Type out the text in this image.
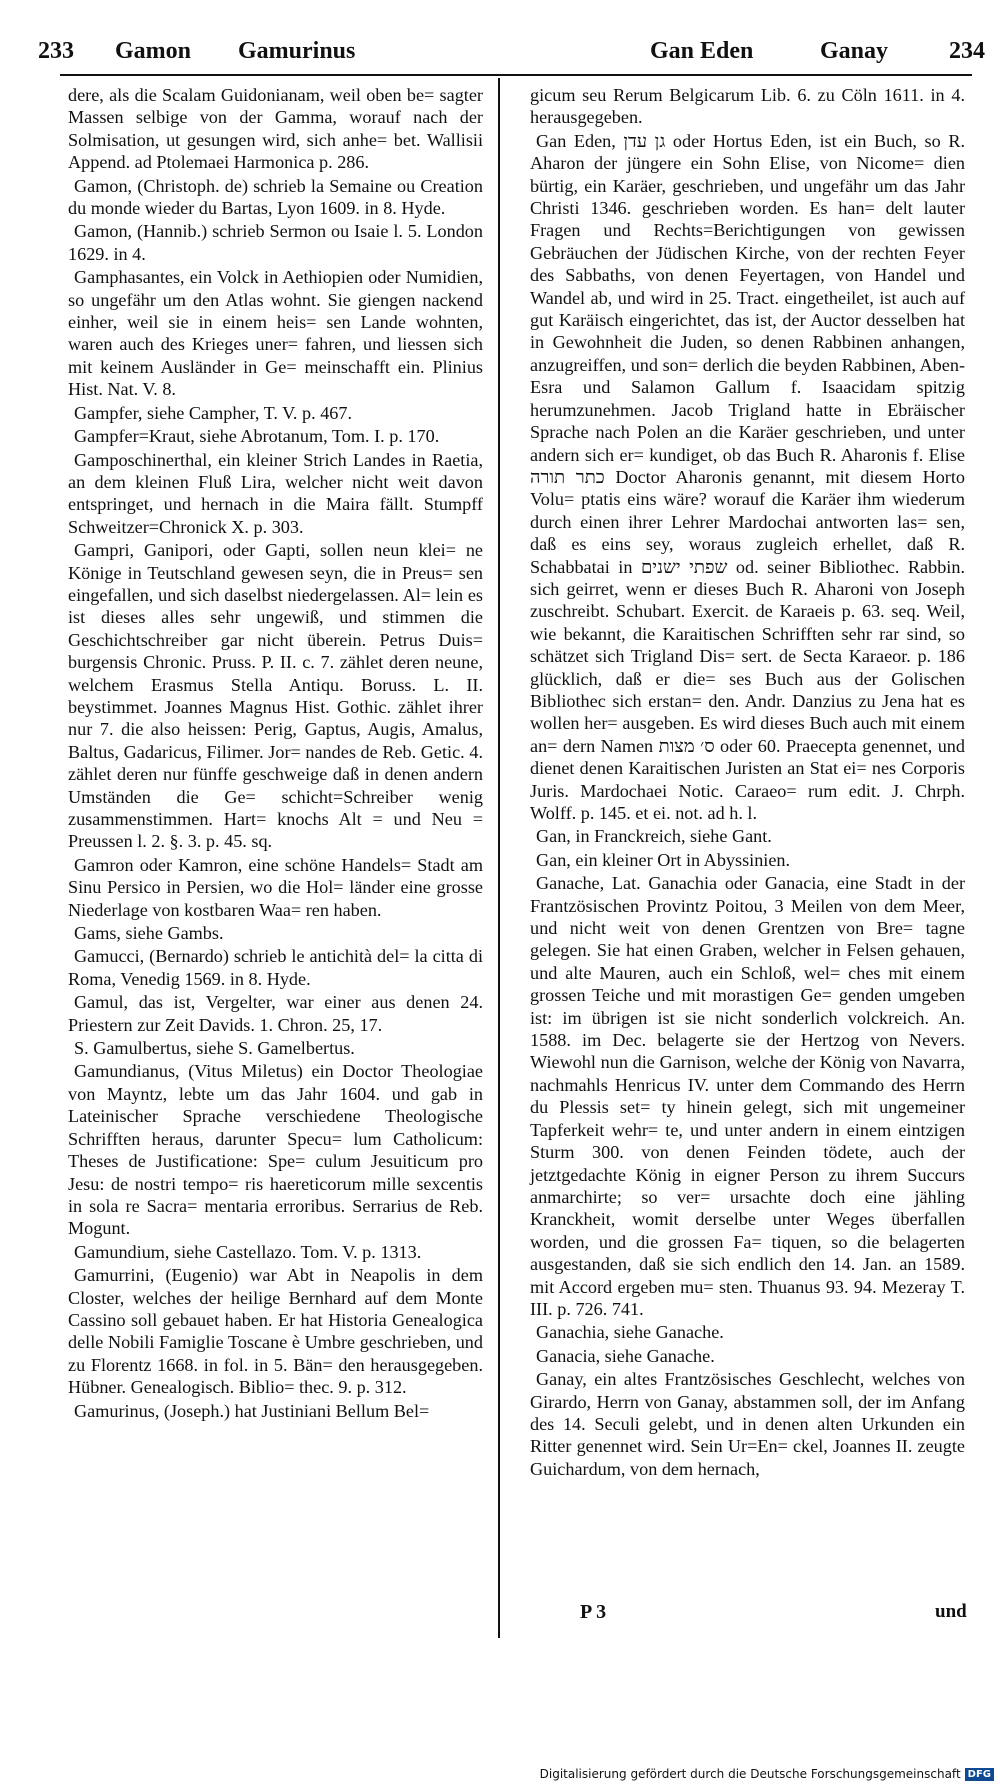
233 Gamon Gamurinus	Gan Eden	Ganay	234

dere, als die Scalam Guidonianam, weil oben be= sagter Massen selbige von der Gamma, worauf nach der Solmisation, ut gesungen wird, sich anhe= bet. Wallisii Append. ad Ptolemaei Harmonica p. 286.

Gamon, (Christoph. de) schrieb la Semaine ou Creation du monde wieder du Bartas, Lyon 1609. in 8. Hyde.

Gamon, (Hannib.) schrieb Sermon ou Isaie l. 5. London 1629. in 4.

Gamphasantes, ein Volck in Aethiopien oder Numidien, so ungefähr um den Atlas wohnt. Sie giengen nackend einher, weil sie in einem heis= sen Lande wohnten, waren auch des Krieges uner= fahren, und liessen sich mit keinem Ausländer in Ge= meinschafft ein. Plinius Hist. Nat. V. 8.

Gampfer, siehe Campher, T. V. p. 467.

Gampfer=Kraut, siehe Abrotanum, Tom. I. p. 170.

Gamposchinerthal, ein kleiner Strich Landes in Raetia, an dem kleinen Fluß Lira, welcher nicht weit davon entspringet, und hernach in die Maira fällt. Stumpff Schweitzer=Chronick X. p. 303.

Gampri, Ganipori, oder Gapti, sollen neun klei= ne Könige in Teutschland gewesen seyn, die in Preus= sen eingefallen, und sich daselbst niedergelassen. Al= lein es ist dieses alles sehr ungewiß, und stimmen die Geschichtschreiber gar nicht überein. Petrus Duis= burgensis Chronic. Pruss. P. II. c. 7. zählet deren neune, welchem Erasmus Stella Antiqu. Boruss. L. II. beystimmet. Joannes Magnus Hist. Gothic. zählet ihrer nur 7. die also heissen: Perig, Gaptus, Augis, Amalus, Baltus, Gadaricus, Filimer. Jor= nandes de Reb. Getic. 4. zählet deren nur fünffe geschweige daß in denen andern Umständen die Ge= schicht=Schreiber wenig zusammenstimmen. Hart= knochs Alt = und Neu = Preussen l. 2. §. 3. p. 45. sq.

Gamron oder Kamron, eine schöne Handels= Stadt am Sinu Persico in Persien, wo die Hol= länder eine grosse Niederlage von kostbaren Waa= ren haben.

Gams, siehe Gambs.

Gamucci, (Bernardo) schrieb le antichità del= la citta di Roma, Venedig 1569. in 8. Hyde.

Gamul, das ist, Vergelter, war einer aus denen 24. Priestern zur Zeit Davids. 1. Chron. 25, 17.

S. Gamulbertus, siehe S. Gamelbertus.

Gamundianus, (Vitus Miletus) ein Doctor Theologiae von Mayntz, lebte um das Jahr 1604. und gab in Lateinischer Sprache verschiedene Theologische Schrifften heraus, darunter Specu= lum Catholicum: Theses de Justificatione: Spe= culum Jesuiticum pro Jesu: de nostri tempo= ris haereticorum mille sexcentis in sola re Sacra= mentaria erroribus. Serrarius de Reb. Mogunt.

Gamundium, siehe Castellazo. Tom. V. p. 1313.

Gamurrini, (Eugenio) war Abt in Neapolis in dem Closter, welches der heilige Bernhard auf dem Monte Cassino soll gebauet haben. Er hat Historia Genealogica delle Nobili Famiglie Toscane è Umbre geschrieben, und zu Florentz 1668. in fol. in 5. Bän= den herausgegeben. Hübner. Genealogisch. Biblio= thec. 9. p. 312.

Gamurinus, (Joseph.) hat Justiniani Bellum Bel=

gicum seu Rerum Belgicarum Lib. 6. zu Cöln 1611. in 4. herausgegeben.

Gan Eden, גן עדן oder Hortus Eden, ist ein Buch, so R. Aharon der jüngere ein Sohn Elise, von Nicome= dien bürtig, ein Karäer, geschrieben, und ungefähr um das Jahr Christi 1346. geschrieben worden. Es han= delt lauter Fragen und Rechts=Berichtigungen von gewissen Gebräuchen der Jüdischen Kirche, von der rechten Feyer des Sabbaths, von denen Feyertagen, von Handel und Wandel ab, und wird in 25. Tract. eingetheilet, ist auch auf gut Karäisch eingerichtet, das ist, der Auctor desselben hat in Gewohnheit die Juden, so denen Rabbinen anhangen, anzugreiffen, und son= derlich die beyden Rabbinen, Aben-Esra und Salamon Gallum f. Isaacidam spitzig herumzunehmen. Jacob Trigland hatte in Ebräischer Sprache nach Polen an die Karäer geschrieben, und unter andern sich er= kundiget, ob das Buch R. Aharonis f. Elise כתר תורה Doctor Aharonis genannt, mit diesem Horto Volu= ptatis eins wäre? worauf die Karäer ihm wiederum durch einen ihrer Lehrer Mardochai antworten las= sen, daß es eins sey, woraus zugleich erhellet, daß R. Schabbatai in שפתי ישנים od. seiner Bibliothec. Rabbin. sich geirret, wenn er dieses Buch R. Aharoni von Joseph zuschreibt. Schubart. Exercit. de Karaeis p. 63. seq. Weil, wie bekannt, die Karaitischen Schrifften sehr rar sind, so schätzet sich Trigland Dis= sert. de Secta Karaeor. p. 186 glücklich, daß er die= ses Buch aus der Golischen Bibliothec sich erstan= den. Andr. Danzius zu Jena hat es wollen her= ausgeben. Es wird dieses Buch auch mit einem an= dern Namen ס׳ מצות oder 60. Praecepta genennet, und dienet denen Karaitischen Juristen an Stat ei= nes Corporis Juris. Mardochaei Notic. Caraeo= rum edit. J. Chrph. Wolff. p. 145. et ei. not. ad h. l.

Gan, in Franckreich, siehe Gant.

Gan, ein kleiner Ort in Abyssinien.

Ganache, Lat. Ganachia oder Ganacia, eine Stadt in der Frantzösischen Provintz Poitou, 3 Meilen von dem Meer, und nicht weit von denen Grentzen von Bre= tagne gelegen. Sie hat einen Graben, welcher in Felsen gehauen, und alte Mauren, auch ein Schloß, wel= ches mit einem grossen Teiche und mit morastigen Ge= genden umgeben ist: im übrigen ist sie nicht sonderlich volckreich. An. 1588. im Dec. belagerte sie der Hertzog von Nevers. Wiewohl nun die Garnison, welche der König von Navarra, nachmahls Henricus IV. unter dem Commando des Herrn du Plessis set= ty hinein gelegt, sich mit ungemeiner Tapferkeit wehr= te, und unter andern in einem eintzigen Sturm 300. von denen Feinden tödete, auch der jetztgedachte König in eigner Person zu ihrem Succurs anmarchirte; so ver= ursachte doch eine jähling Kranckheit, womit derselbe unter Weges überfallen worden, und die grossen Fa= tiquen, so die belagerten ausgestanden, daß sie sich endlich den 14. Jan. an 1589. mit Accord ergeben mu= sten. Thuanus 93. 94. Mezeray T. III. p. 726. 741.

Ganachia, siehe Ganache.

Ganacia, siehe Ganache.

Ganay, ein altes Frantzösisches Geschlecht, welches von Girardo, Herrn von Ganay, abstammen soll, der im Anfang des 14. Seculi gelebt, und in denen alten Urkunden ein Ritter genennet wird. Sein Ur=En= ckel, Joannes II. zeugte Guichardum, von dem hernach,

P 3	und
Digitalisierung gefördert durch die Deutsche Forschungsgemeinschaft DFG
